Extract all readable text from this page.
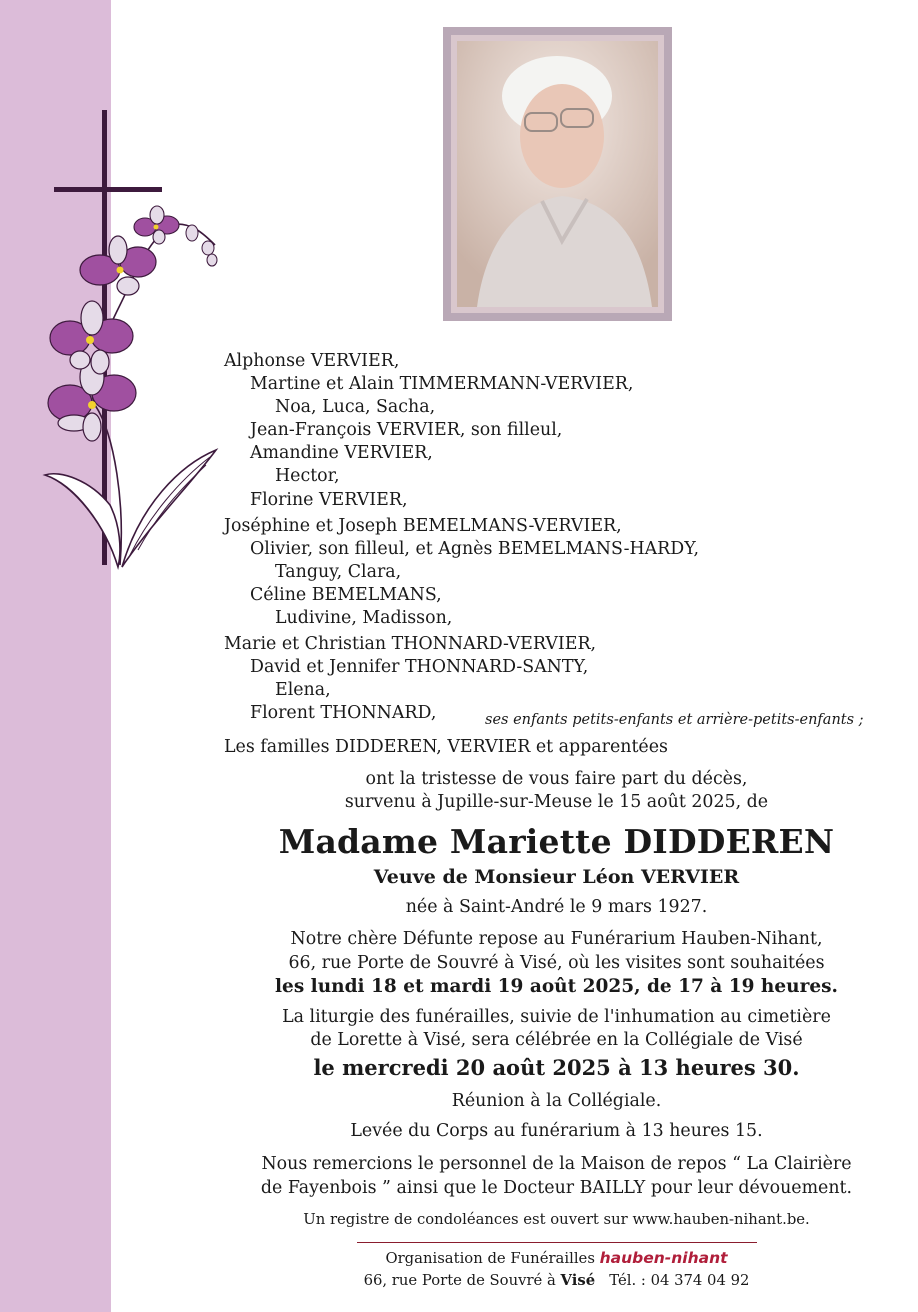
Alphonse VERVIER,
Martine et Alain TIMMERMANN-VERVIER,
Noa, Luca, Sacha,
Jean-François VERVIER, son filleul,
Amandine VERVIER,
Hector,
Florine VERVIER,
Joséphine et Joseph BEMELMANS-VERVIER,
Olivier, son filleul, et Agnès BEMELMANS-HARDY,
Tanguy, Clara,
Céline BEMELMANS,
Ludivine, Madisson,
Marie et Christian THONNARD-VERVIER,
David et Jennifer THONNARD-SANTY,
Elena,
Florent THONNARD,	ses enfants petits-enfants et arrière-petits-enfants ;
Les familles DIDDEREN, VERVIER et apparentées
ont la tristesse de vous faire part du décès,
survenu à Jupille-sur-Meuse le 15 août 2025, de
Madame Mariette DIDDEREN
Veuve de Monsieur Léon VERVIER
née à Saint-André le 9 mars 1927.
Notre chère Défunte repose au Funérarium Hauben-Nihant,
66, rue Porte de Souvré à Visé, où les visites sont souhaitées
les lundi 18 et mardi 19 août 2025, de 17 à 19 heures.
La liturgie des funérailles, suivie de l'inhumation au cimetière
de Lorette à Visé, sera célébrée en la Collégiale de Visé
le mercredi 20 août 2025 à 13 heures 30.
Réunion à la Collégiale.
Levée du Corps au funérarium à 13 heures 15.
Nous remercions le personnel de la Maison de repos “ La Clairière
de Fayenbois ” ainsi que le Docteur BAILLY pour leur dévouement.
Un registre de condoléances est ouvert sur www.hauben-nihant.be.
Organisation de Funérailles hauben-nihant
66, rue Porte de Souvré à Visé Tél. : 04 374 04 92
